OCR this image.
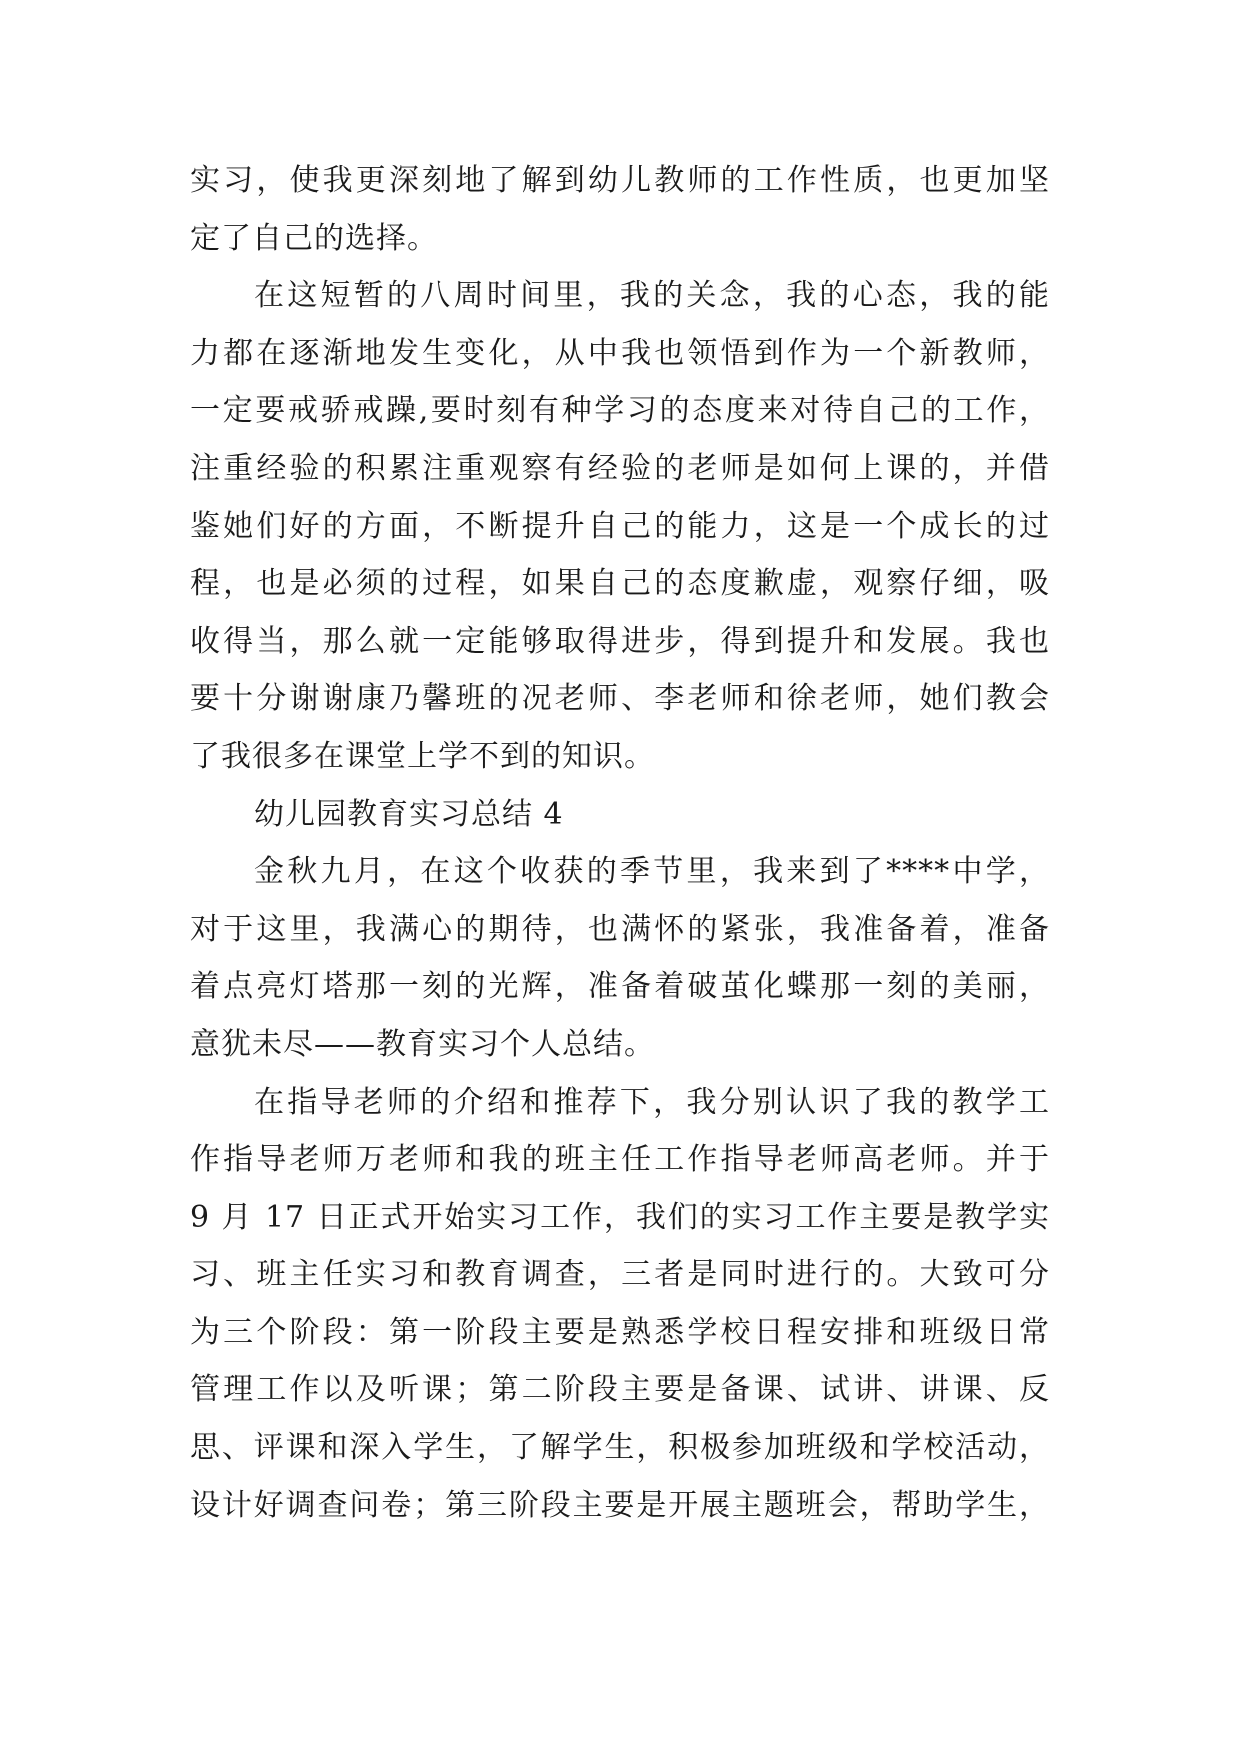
实习，使我更深刻地了解到幼儿教师的工作性质，也更加坚
定了自己的选择。
在这短暂的八周时间里，我的关念，我的心态，我的能
力都在逐渐地发生变化，从中我也领悟到作为一个新教师，
一定要戒骄戒躁,要时刻有种学习的态度来对待自己的工作，
注重经验的积累注重观察有经验的老师是如何上课的，并借
鉴她们好的方面，不断提升自己的能力，这是一个成长的过
程，也是必须的过程，如果自己的态度歉虚，观察仔细，吸
收得当，那么就一定能够取得进步，得到提升和发展。我也
要十分谢谢康乃馨班的况老师、李老师和徐老师，她们教会
了我很多在课堂上学不到的知识。
幼儿园教育实习总结 4
金秋九月，在这个收获的季节里，我来到了****中学，
对于这里，我满心的期待，也满怀的紧张，我准备着，准备
着点亮灯塔那一刻的光辉，准备着破茧化蝶那一刻的美丽，
意犹未尽——教育实习个人总结。
在指导老师的介绍和推荐下，我分别认识了我的教学工
作指导老师万老师和我的班主任工作指导老师高老师。并于
9 月 17 日正式开始实习工作，我们的实习工作主要是教学实
习、班主任实习和教育调查，三者是同时进行的。大致可分
为三个阶段：第一阶段主要是熟悉学校日程安排和班级日常
管理工作以及听课；第二阶段主要是备课、试讲、讲课、反
思、评课和深入学生，了解学生，积极参加班级和学校活动，
设计好调查问卷；第三阶段主要是开展主题班会，帮助学生，
